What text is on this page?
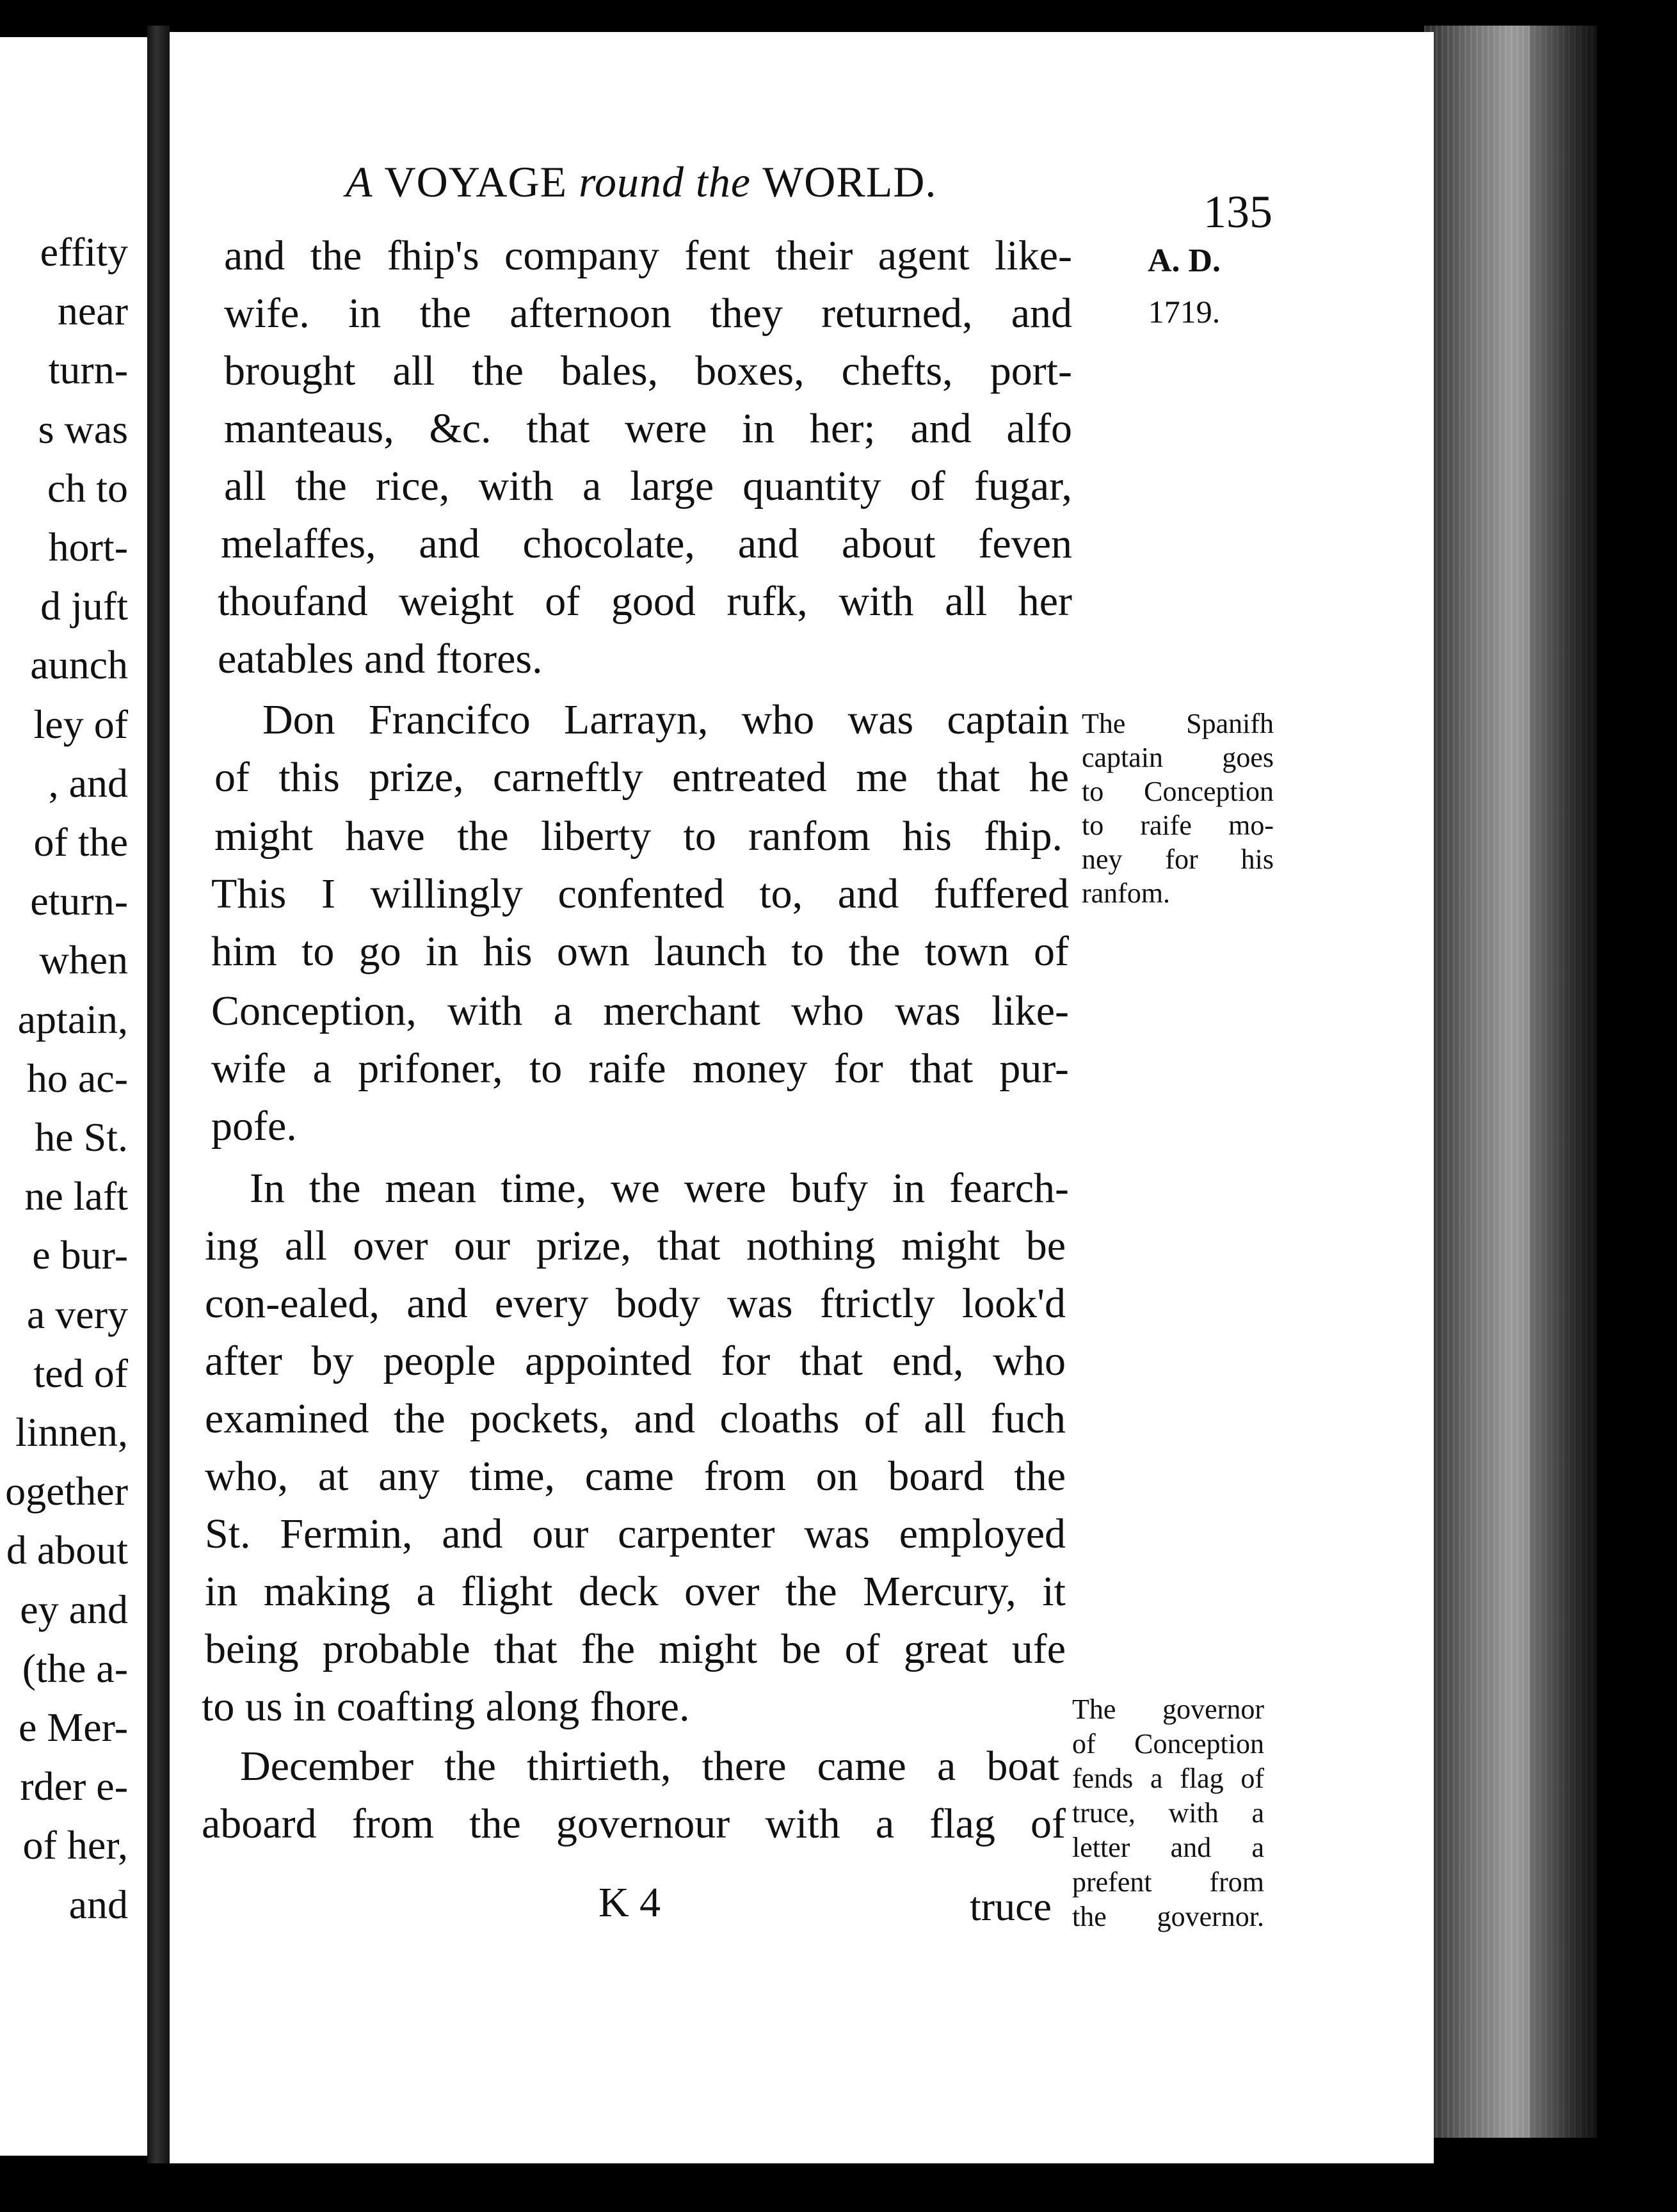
effity
near
turn-
s was
ch to
hort-
d juft
aunch
ley of
, and
of the
eturn-
when
aptain,
ho ac-
he St.
ne laft
e bur-
a very
ted of
linnen,
ogether
d about
ey and
(the a-
e Mer-
rder e-
of her,
and
A VOYAGE round the WORLD.
135
A. D.
1719.
and the fhip's company fent their agent like-
wife. in the afternoon they returned, and
brought all the bales, boxes, chefts, port-
manteaus, &c. that were in her; and alfo
all the rice, with a large quantity of fugar,
melaffes, and chocolate, and about feven
thoufand weight of good rufk, with all her
eatables and ftores.
Don Francifco Larrayn, who was captain
of this prize, carneftly entreated me that he
might have the liberty to ranfom his fhip.
This I willingly confented to, and fuffered
him to go in his own launch to the town of
Conception, with a merchant who was like-
wife a prifoner, to raife money for that pur-
pofe.
In the mean time, we were bufy in fearch-
ing all over our prize, that nothing might be
con-ealed, and every body was ftrictly look'd
after by people appointed for that end, who
examined the pockets, and cloaths of all fuch
who, at any time, came from on board the
St. Fermin, and our carpenter was employed
in making a flight deck over the Mercury, it
being probable that fhe might be of great ufe
to us in coafting along fhore.
December the thirtieth, there came a boat
aboard from the governour with a flag of
The Spanifh
captain goes
to Conception
to raife mo-
ney for his
ranfom.
The governor
of Conception
fends a flag of
truce, with a
letter and a
prefent from
the governor.
K 4	truce
